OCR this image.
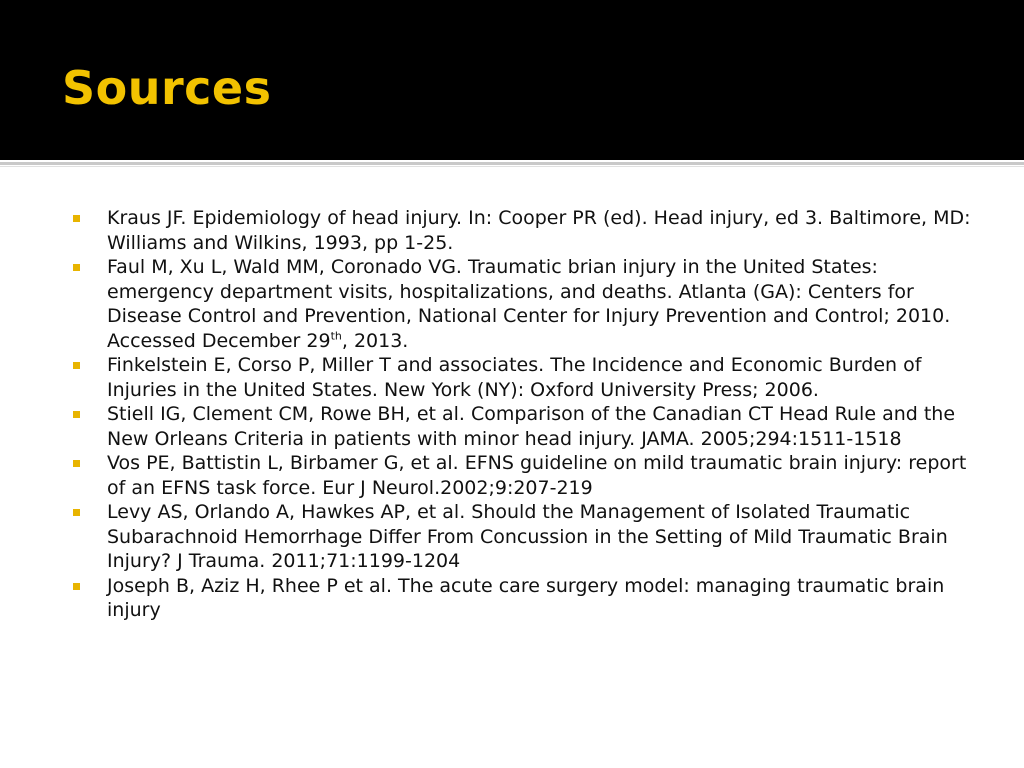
Sources
Kraus JF. Epidemiology of head injury. In: Cooper PR (ed). Head injury, ed 3. Baltimore, MD: Williams and Wilkins, 1993, pp 1-25.
Faul M, Xu L, Wald MM, Coronado VG. Traumatic brian injury in the United States: emergency department visits, hospitalizations, and deaths. Atlanta (GA): Centers for Disease Control and Prevention, National Center for Injury Prevention and Control; 2010. Accessed December 29th, 2013.
Finkelstein E, Corso P, Miller T and associates. The Incidence and Economic Burden of Injuries in the United States. New York (NY): Oxford University Press; 2006.
Stiell IG, Clement CM, Rowe BH, et al. Comparison of the Canadian CT Head Rule and the New Orleans Criteria in patients with minor head injury. JAMA. 2005;294:1511-1518
Vos PE, Battistin L, Birbamer G, et al. EFNS guideline on mild traumatic brain injury: report of an EFNS task force. Eur J Neurol.2002;9:207-219
Levy AS, Orlando A, Hawkes AP, et al. Should the Management of Isolated Traumatic Subarachnoid Hemorrhage Differ From Concussion in the Setting of Mild Traumatic Brain Injury? J Trauma. 2011;71:1199-1204
Joseph B, Aziz H, Rhee P et al. The acute care surgery model: managing traumatic brain injury
